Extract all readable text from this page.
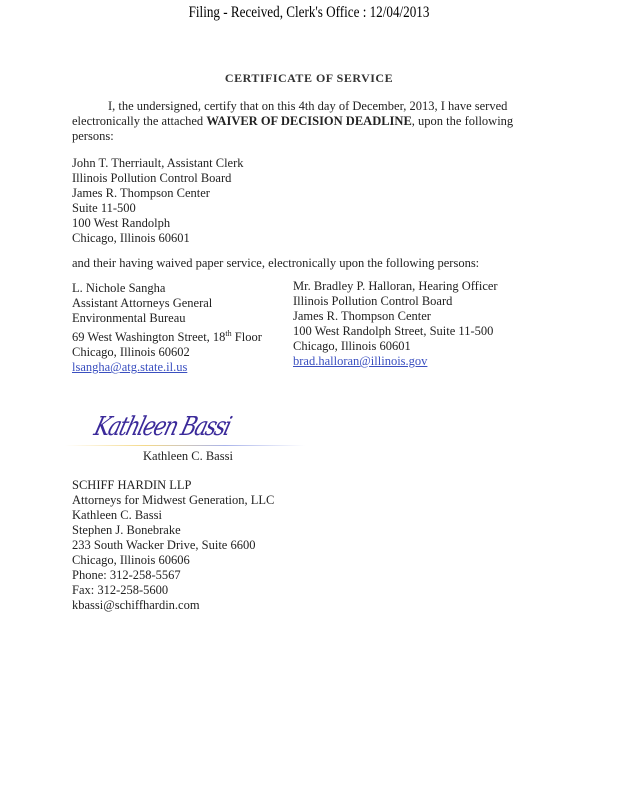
Filing - Received, Clerk's Office : 12/04/2013
CERTIFICATE OF SERVICE
I, the undersigned, certify that on this 4th day of December, 2013, I have served electronically the attached WAIVER OF DECISION DEADLINE, upon the following persons:
John T. Therriault, Assistant Clerk
Illinois Pollution Control Board
James R. Thompson Center
Suite 11-500
100 West Randolph
Chicago, Illinois 60601
and their having waived paper service, electronically upon the following persons:
L. Nichole Sangha
Assistant Attorneys General
Environmental Bureau
69 West Washington Street, 18th Floor
Chicago, Illinois 60602
lsangha@atg.state.il.us
Mr. Bradley P. Halloran, Hearing Officer
Illinois Pollution Control Board
James R. Thompson Center
100 West Randolph Street, Suite 11-500
Chicago, Illinois 60601
brad.halloran@illinois.gov
Kathleen Bassi
Kathleen C. Bassi
SCHIFF HARDIN LLP
Attorneys for Midwest Generation, LLC
Kathleen C. Bassi
Stephen J. Bonebrake
233 South Wacker Drive, Suite 6600
Chicago, Illinois 60606
Phone: 312-258-5567
Fax: 312-258-5600
kbassi@schiffhardin.com
